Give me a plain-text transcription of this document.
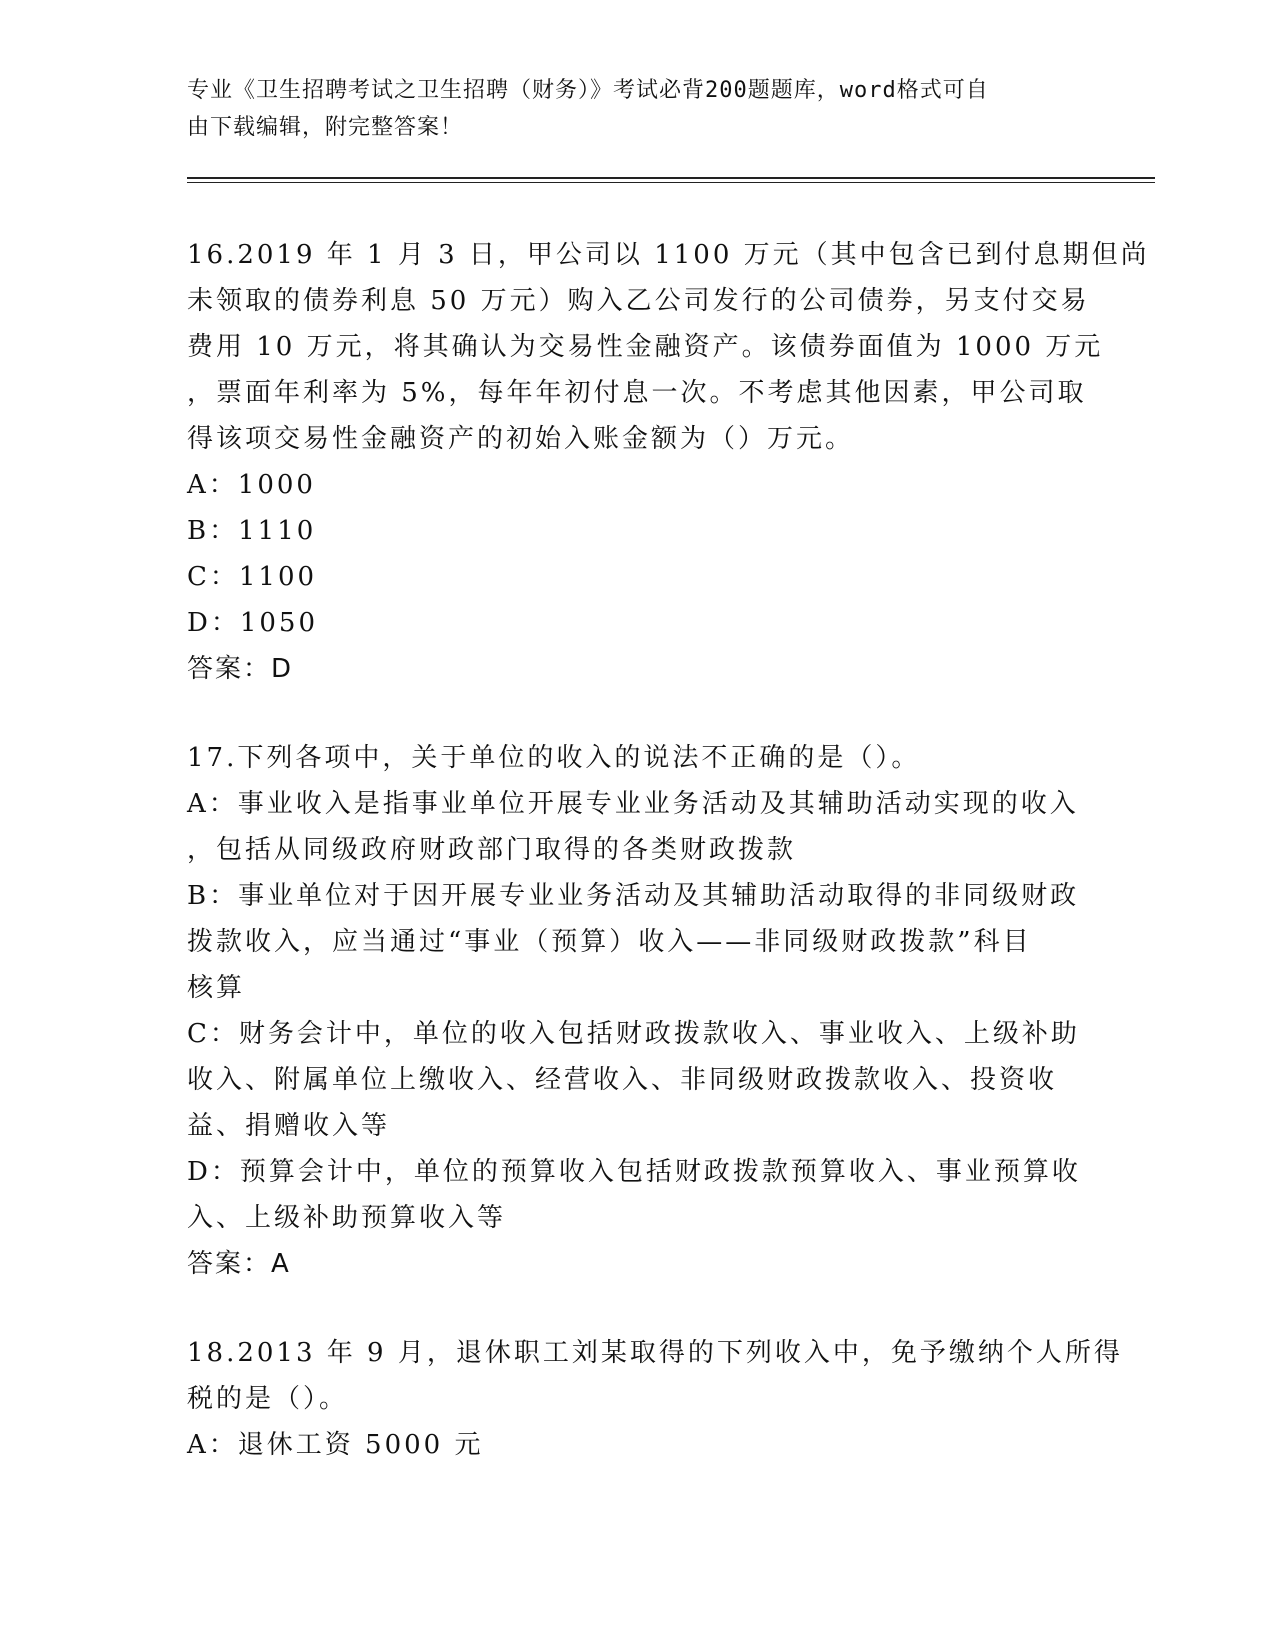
专业《卫生招聘考试之卫生招聘（财务）》考试必背200题题库，word格式可自
由下载编辑，附完整答案！
16.2019 年 1 月 3 日，甲公司以 1100 万元（其中包含已到付息期但尚
未领取的债券利息 50 万元）购入乙公司发行的公司债券，另支付交易
费用 10 万元，将其确认为交易性金融资产。该债券面值为 1000 万元
，票面年利率为 5%，每年年初付息一次。不考虑其他因素，甲公司取
得该项交易性金融资产的初始入账金额为（）万元。
A：1000
B：1110
C：1100
D：1050
答案：D
17.下列各项中，关于单位的收入的说法不正确的是（）。
A：事业收入是指事业单位开展专业业务活动及其辅助活动实现的收入
，包括从同级政府财政部门取得的各类财政拨款
B：事业单位对于因开展专业业务活动及其辅助活动取得的非同级财政
拨款收入，应当通过“事业（预算）收入——非同级财政拨款”科目
核算
C：财务会计中，单位的收入包括财政拨款收入、事业收入、上级补助
收入、附属单位上缴收入、经营收入、非同级财政拨款收入、投资收
益、捐赠收入等
D：预算会计中，单位的预算收入包括财政拨款预算收入、事业预算收
入、上级补助预算收入等
答案：A
18.2013 年 9 月，退休职工刘某取得的下列收入中，免予缴纳个人所得
税的是（）。
A：退休工资 5000 元
